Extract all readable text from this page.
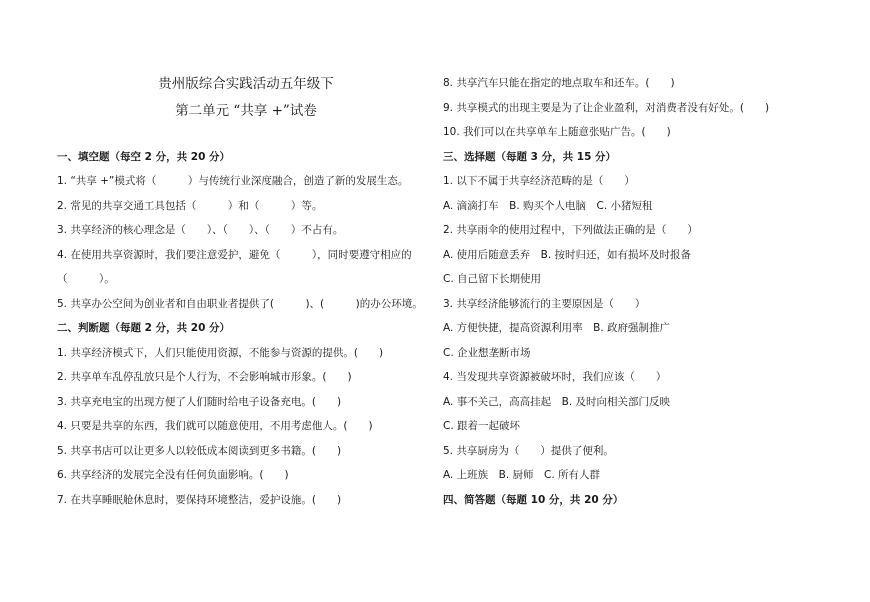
贵州版综合实践活动五年级下
第二单元 “共享 +”试卷
一、填空题（每空 2 分，共 20 分）
1. “共享 +”模式将（　　　）与传统行业深度融合，创造了新的发展生态。
2. 常见的共享交通工具包括（　　　）和（　　　）等。
3. 共享经济的核心理念是（　　）、（　　）、（　　）不占有。
4. 在使用共享资源时，我们要注意爱护，避免（　　　），同时要遵守相应的
（　　　）。
5. 共享办公空间为创业者和自由职业者提供了(　　　)、(　　　)的办公环境。
二、判断题（每题 2 分，共 20 分）
1. 共享经济模式下，人们只能使用资源，不能参与资源的提供。(　　)
2. 共享单车乱停乱放只是个人行为，不会影响城市形象。(　　)
3. 共享充电宝的出现方便了人们随时给电子设备充电。(　　)
4. 只要是共享的东西，我们就可以随意使用，不用考虑他人。(　　)
5. 共享书店可以让更多人以较低成本阅读到更多书籍。(　　)
6. 共享经济的发展完全没有任何负面影响。(　　)
7. 在共享睡眠舱休息时，要保持环境整洁，爱护设施。(　　)
8. 共享汽车只能在指定的地点取车和还车。(　　)
9. 共享模式的出现主要是为了让企业盈利，对消费者没有好处。(　　)
10. 我们可以在共享单车上随意张贴广告。(　　)
三、选择题（每题 3 分，共 15 分）
1. 以下不属于共享经济范畴的是（　　）
A. 滴滴打车　B. 购买个人电脑　C. 小猪短租
2. 共享雨伞的使用过程中，下列做法正确的是（　　）
A. 使用后随意丢弃　B. 按时归还，如有损坏及时报备
C. 自己留下长期使用
3. 共享经济能够流行的主要原因是（　　）
A. 方便快捷，提高资源利用率　B. 政府强制推广
C. 企业想垄断市场
4. 当发现共享资源被破坏时，我们应该（　　）
A. 事不关己，高高挂起　B. 及时向相关部门反映
C. 跟着一起破坏
5. 共享厨房为（　　）提供了便利。
A. 上班族　B. 厨师　C. 所有人群
四、简答题（每题 10 分，共 20 分）
